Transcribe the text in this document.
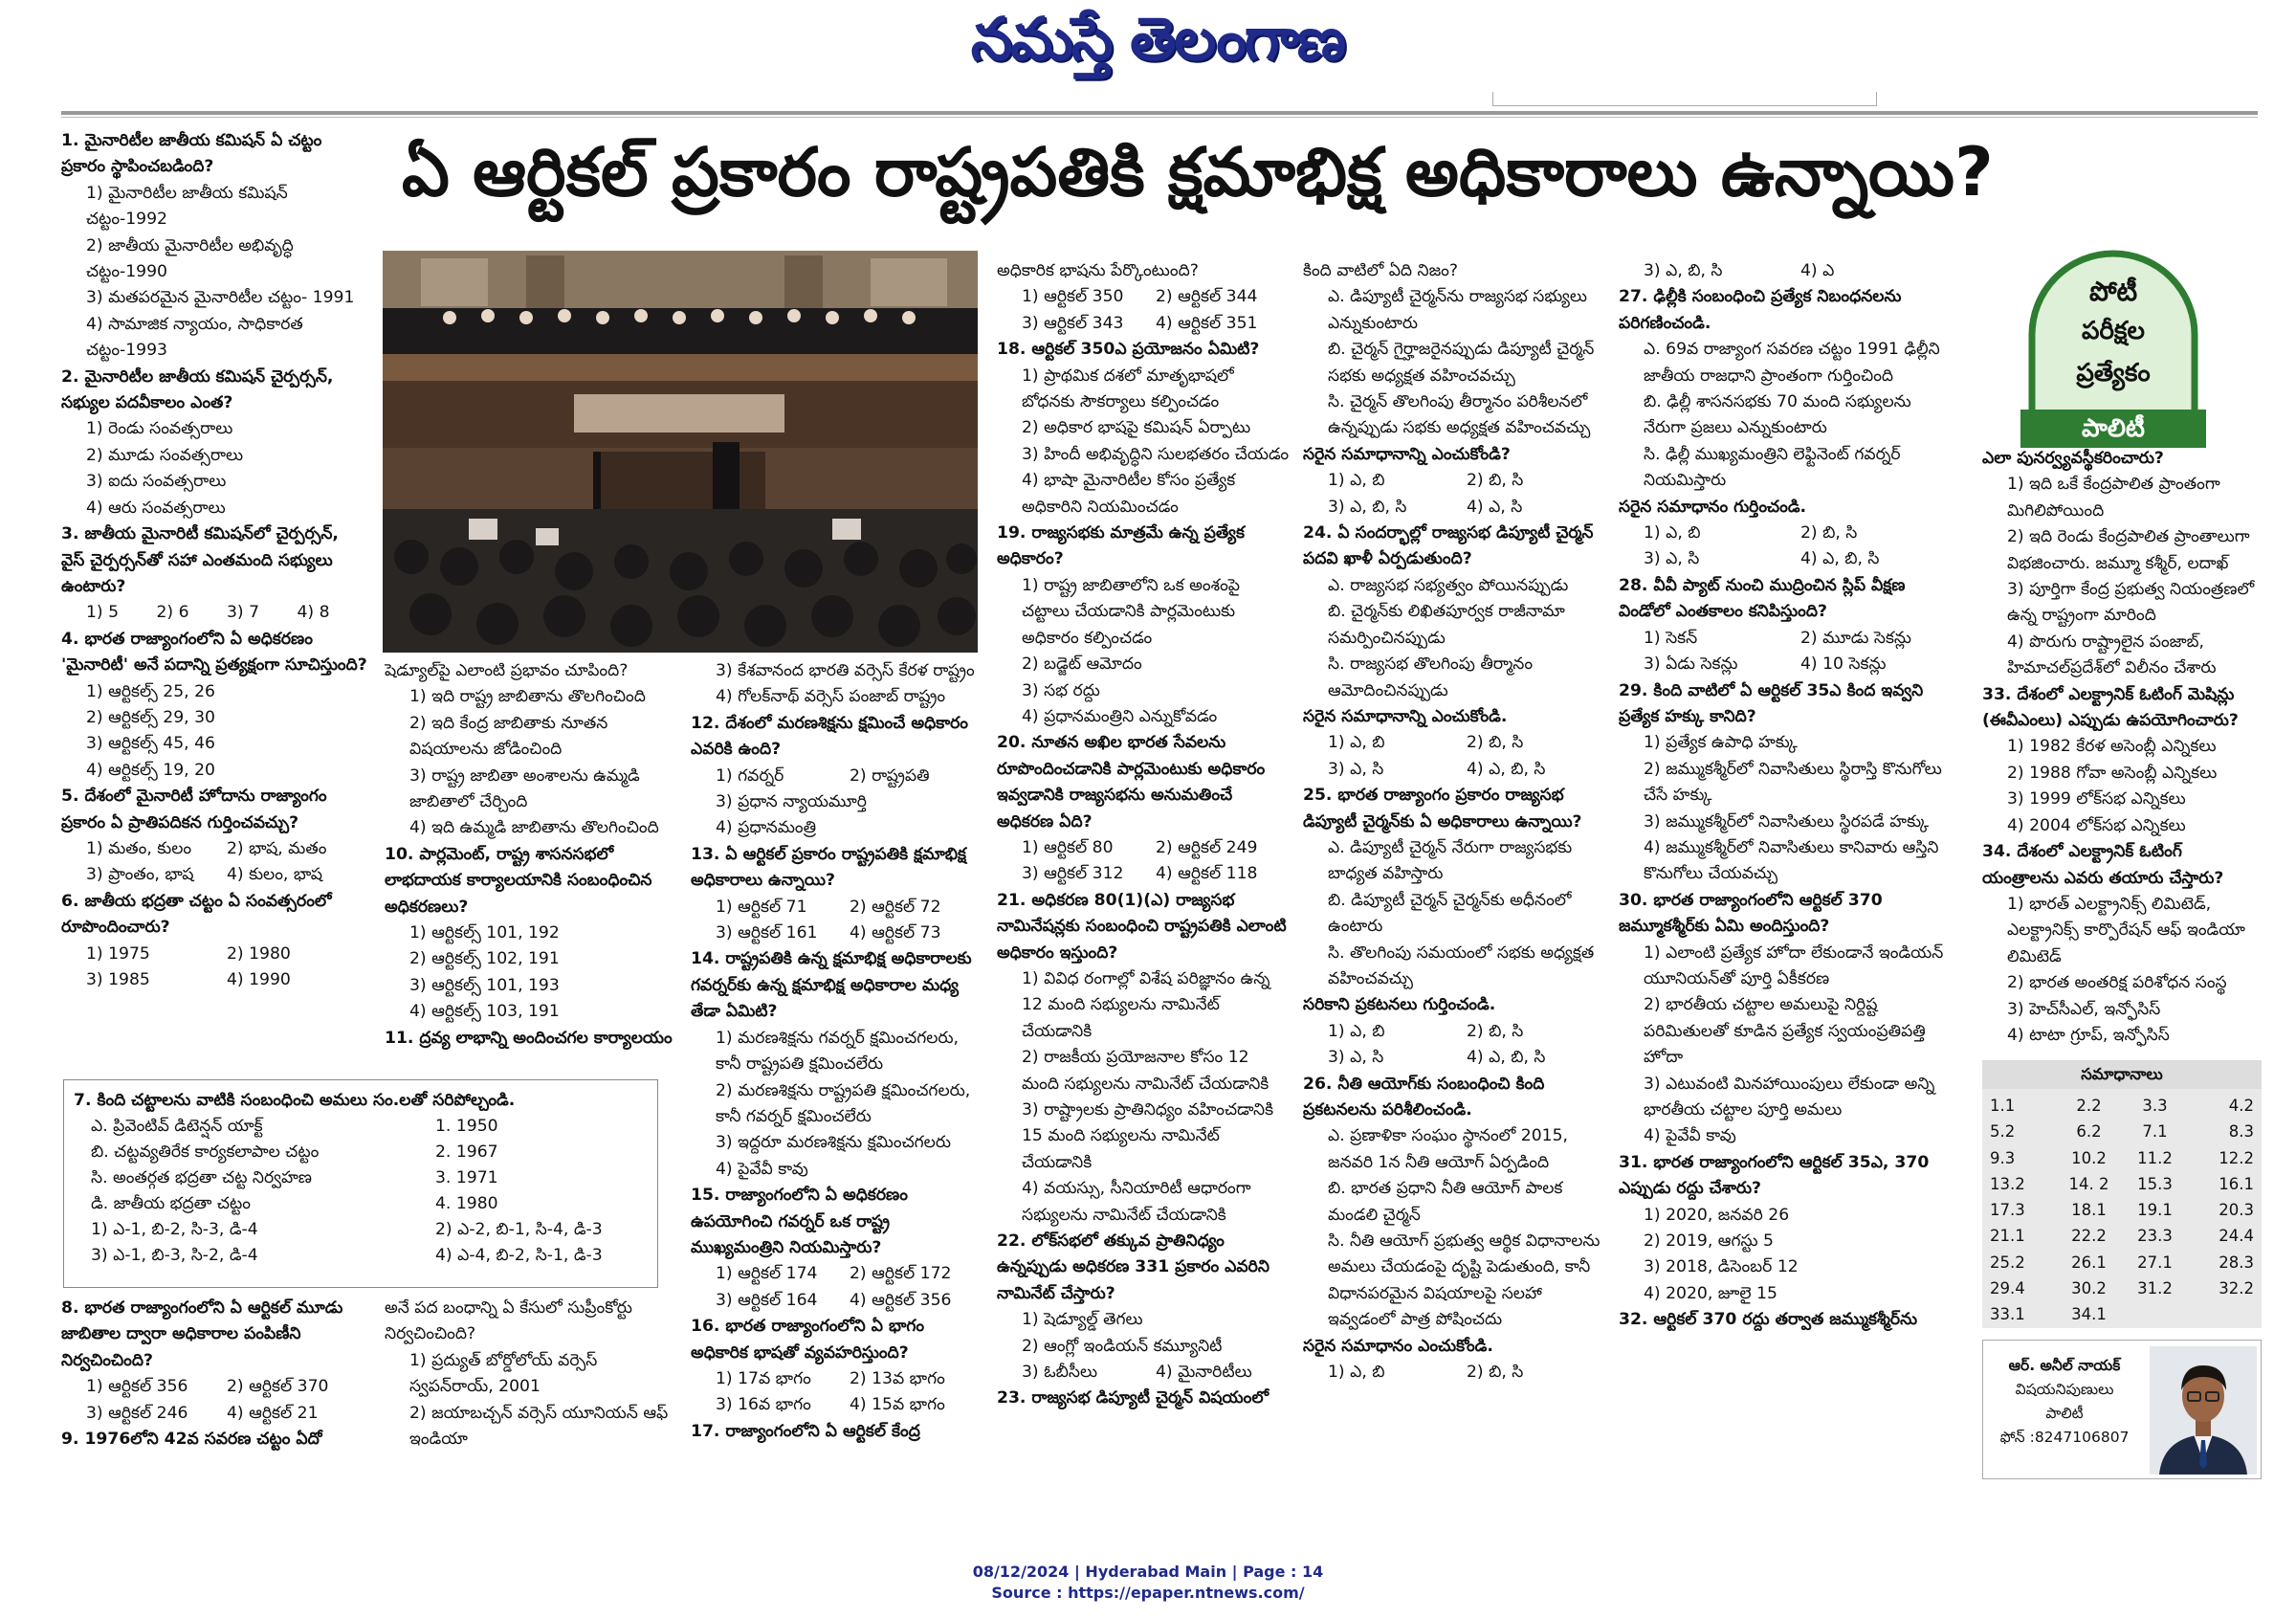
నమస్తే తెలంగాణ
ఏ ఆర్టికల్ ప్రకారం రాష్ట్రపతికి క్షమాభిక్ష అధికారాలు ఉన్నాయి?

1. మైనారిటీల జాతీయ కమిషన్ ఏ చట్టం ప్రకారం స్థాపించబడింది?

1) మైనారిటీల జాతీయ కమిషన్ చట్టం-1992

2) జాతీయ మైనారిటీల అభివృద్ధి చట్టం-1990

3) మతపరమైన మైనారిటీల చట్టం- 1991

4) సామాజిక న్యాయం, సాధికారత చట్టం-1993

2. మైనారిటీల జాతీయ కమిషన్ చైర్పర్సన్, సభ్యుల పదవీకాలం ఎంత?

1) రెండు సంవత్సరాలు

2) మూడు సంవత్సరాలు

3) ఐదు సంవత్సరాలు

4) ఆరు సంవత్సరాలు

3. జాతీయ మైనారిటీ కమిషన్‌లో చైర్పర్సన్, వైస్ చైర్పర్సన్‌తో సహా ఎంతమంది సభ్యులు ఉంటారు?

1) 5	2) 6	3) 7	4) 8

4. భారత రాజ్యాంగంలోని ఏ అధికరణం 'మైనారిటీ' అనే పదాన్ని ప్రత్యక్షంగా సూచిస్తుంది?

1) ఆర్టికల్స్ 25, 26

2) ఆర్టికల్స్ 29, 30

3) ఆర్టికల్స్ 45, 46

4) ఆర్టికల్స్ 19, 20

5. దేశంలో మైనారిటీ హోదాను రాజ్యాంగం ప్రకారం ఏ ప్రాతిపదికన గుర్తించవచ్చు?

1) మతం, కులం	2) భాష, మతం
3) ప్రాంతం, భాష	4) కులం, భాష

6. జాతీయ భద్రతా చట్టం ఏ సంవత్సరంలో రూపొందించారు?

1) 1975	2) 1980
3) 1985	4) 1990

షెడ్యూల్‌పై ఎలాంటి ప్రభావం చూపింది?

1) ఇది రాష్ట్ర జాబితాను తొలగించింది

2) ఇది కేంద్ర జాబితాకు నూతన విషయాలను జోడించింది

3) రాష్ట్ర జాబితా అంశాలను ఉమ్మడి జాబితాలో చేర్చింది

4) ఇది ఉమ్మడి జాబితాను తొలగించింది

10. పార్లమెంట్, రాష్ట్ర శాసనసభలో లాభదాయక కార్యాలయానికి సంబంధించిన అధికరణలు?

1) ఆర్టికల్స్ 101, 192

2) ఆర్టికల్స్ 102, 191

3) ఆర్టికల్స్ 101, 193

4) ఆర్టికల్స్ 103, 191

11. ద్రవ్య లాభాన్ని అందించగల కార్యాలయం

3) కేశవానంద భారతి వర్సెస్ కేరళ రాష్ట్రం

4) గోలక్‌నాథ్ వర్సెస్ పంజాబ్ రాష్ట్రం

12. దేశంలో మరణశిక్షను క్షమించే అధికారం ఎవరికి ఉంది?

1) గవర్నర్	2) రాష్ట్రపతి

3) ప్రధాన న్యాయమూర్తి

4) ప్రధానమంత్రి

13. ఏ ఆర్టికల్ ప్రకారం రాష్ట్రపతికి క్షమాభిక్ష అధికారాలు ఉన్నాయి?

1) ఆర్టికల్ 71	2) ఆర్టికల్ 72
3) ఆర్టికల్ 161	4) ఆర్టికల్ 73

14. రాష్ట్రపతికి ఉన్న క్షమాభిక్ష అధికారాలకు గవర్నర్‌కు ఉన్న క్షమాభిక్ష అధికారాల మధ్య తేడా ఏమిటి?

1) మరణశిక్షను గవర్నర్ క్షమించగలరు, కానీ రాష్ట్రపతి క్షమించలేరు

2) మరణశిక్షను రాష్ట్రపతి క్షమించగలరు, కానీ గవర్నర్ క్షమించలేరు

3) ఇద్దరూ మరణశిక్షను క్షమించగలరు

4) పైవేవీ కావు

15. రాజ్యాంగంలోని ఏ అధికరణం ఉపయోగించి గవర్నర్ ఒక రాష్ట్ర ముఖ్యమంత్రిని నియమిస్తారు?

1) ఆర్టికల్ 174	2) ఆర్టికల్ 172
3) ఆర్టికల్ 164	4) ఆర్టికల్ 356

16. భారత రాజ్యాంగంలోని ఏ భాగం అధికారిక భాషతో వ్యవహరిస్తుంది?

1) 17వ భాగం	2) 13వ భాగం
3) 16వ భాగం	4) 15వ భాగం

17. రాజ్యాంగంలోని ఏ ఆర్టికల్ కేంద్ర

7. కింది చట్టాలను వాటికి సంబంధించి అమలు సం.లతో సరిపోల్చండి.
ఎ. ప్రివెంటివ్ డిటెన్షన్ యాక్ట్	1. 1950
బి. చట్టవ్యతిరేక కార్యకలాపాల చట్టం	2. 1967
సి. అంతర్గత భద్రతా చట్ట నిర్వహణ	3. 1971
డి. జాతీయ భద్రతా చట్టం	4. 1980
1) ఎ-1, బి-2, సి-3, డి-4	2) ఎ-2, బి-1, సి-4, డి-3
3) ఎ-1, బి-3, సి-2, డి-4	4) ఎ-4, బి-2, సి-1, డి-3

8. భారత రాజ్యాంగంలోని ఏ ఆర్టికల్ మూడు జాబితాల ద్వారా అధికారాల పంపిణీని నిర్వచించింది?

1) ఆర్టికల్ 356	2) ఆర్టికల్ 370
3) ఆర్టికల్ 246	4) ఆర్టికల్ 21

9. 1976లోని 42వ సవరణ చట్టం ఏదో

అనే పద బంధాన్ని ఏ కేసులో సుప్రీంకోర్టు నిర్వచించింది?

1) ప్రద్యుత్ బోర్డోలోయ్ వర్సెస్ స్వపన్‌రాయ్, 2001

2) జయాబచ్చన్ వర్సెస్ యూనియన్ ఆఫ్ ఇండియా

అధికారిక భాషను పేర్కొంటుంది?

1) ఆర్టికల్ 350	2) ఆర్టికల్ 344
3) ఆర్టికల్ 343	4) ఆర్టికల్ 351

18. ఆర్టికల్ 350ఎ ప్రయోజనం ఏమిటి?

1) ప్రాథమిక దశలో మాతృభాషలో బోధనకు సౌకర్యాలు కల్పించడం

2) అధికార భాషపై కమిషన్ ఏర్పాటు

3) హిందీ అభివృద్ధిని సులభతరం చేయడం

4) భాషా మైనారిటీల కోసం ప్రత్యేక అధికారిని నియమించడం

19. రాజ్యసభకు మాత్రమే ఉన్న ప్రత్యేక అధికారం?

1) రాష్ట్ర జాబితాలోని ఒక అంశంపై చట్టాలు చేయడానికి పార్లమెంటుకు అధికారం కల్పించడం

2) బడ్జెట్ ఆమోదం

3) సభ రద్దు

4) ప్రధానమంత్రిని ఎన్నుకోవడం

20. నూతన అఖిల భారత సేవలను రూపొందించడానికి పార్లమెంటుకు అధికారం ఇవ్వడానికి రాజ్యసభను అనుమతించే అధికరణ ఏది?

1) ఆర్టికల్ 80	2) ఆర్టికల్ 249
3) ఆర్టికల్ 312	4) ఆర్టికల్ 118

21. అధికరణ 80(1)(ఎ) రాజ్యసభ నామినేషన్లకు సంబంధించి రాష్ట్రపతికి ఎలాంటి అధికారం ఇస్తుంది?

1) వివిధ రంగాల్లో విశేష పరిజ్ఞానం ఉన్న 12 మంది సభ్యులను నామినేట్ చేయడానికి

2) రాజకీయ ప్రయోజనాల కోసం 12 మంది సభ్యులను నామినేట్ చేయడానికి

3) రాష్ట్రాలకు ప్రాతినిధ్యం వహించడానికి 15 మంది సభ్యులను నామినేట్ చేయడానికి

4) వయస్సు, సీనియారిటీ ఆధారంగా సభ్యులను నామినేట్ చేయడానికి

22. లోక్‌సభలో తక్కువ ప్రాతినిధ్యం ఉన్నప్పుడు అధికరణ 331 ప్రకారం ఎవరిని నామినేట్ చేస్తారు?

1) షెడ్యూల్డ్ తెగలు

2) ఆంగ్లో ఇండియన్ కమ్యూనిటీ

3) ఓబీసీలు	4) మైనారిటీలు

23. రాజ్యసభ డిప్యూటీ చైర్మన్ విషయంలో

కింది వాటిలో ఏది నిజం?

ఎ. డిప్యూటీ చైర్మన్‌ను రాజ్యసభ సభ్యులు ఎన్నుకుంటారు

బి. చైర్మన్ గైర్హాజరైనప్పుడు డిప్యూటీ చైర్మన్ సభకు అధ్యక్షత వహించవచ్చు

సి. చైర్మన్ తొలగింపు తీర్మానం పరిశీలనలో ఉన్నప్పుడు సభకు అధ్యక్షత వహించవచ్చు

సరైన సమాధానాన్ని ఎంచుకోండి?

1) ఎ, బి	2) బి, సి
3) ఎ, బి, సి	4) ఎ, సి

24. ఏ సందర్భాల్లో రాజ్యసభ డిప్యూటీ చైర్మన్ పదవి ఖాళీ ఏర్పడుతుంది?

ఎ. రాజ్యసభ సభ్యత్వం పోయినప్పుడు

బి. చైర్మన్‌కు లిఖితపూర్వక రాజీనామా సమర్పించినప్పుడు

సి. రాజ్యసభ తొలగింపు తీర్మానం ఆమోదించినప్పుడు

సరైన సమాధానాన్ని ఎంచుకోండి.

1) ఎ, బి	2) బి, సి
3) ఎ, సి	4) ఎ, బి, సి

25. భారత రాజ్యాంగం ప్రకారం రాజ్యసభ డిప్యూటీ చైర్మన్‌కు ఏ అధికారాలు ఉన్నాయి?

ఎ. డిప్యూటీ చైర్మన్ నేరుగా రాజ్యసభకు బాధ్యత వహిస్తారు

బి. డిప్యూటీ చైర్మన్ చైర్మన్‌కు అధీనంలో ఉంటారు

సి. తొలగింపు సమయంలో సభకు అధ్యక్షత వహించవచ్చు

సరికాని ప్రకటనలు గుర్తించండి.

1) ఎ, బి	2) బి, సి
3) ఎ, సి	4) ఎ, బి, సి

26. నీతి ఆయోగ్‌కు సంబంధించి కింది ప్రకటనలను పరిశీలించండి.

ఎ. ప్రణాళికా సంఘం స్థానంలో 2015, జనవరి 1న నీతి ఆయోగ్ ఏర్పడింది

బి. భారత ప్రధాని నీతి ఆయోగ్ పాలక మండలి చైర్మన్

సి. నీతి ఆయోగ్ ప్రభుత్వ ఆర్థిక విధానాలను అమలు చేయడంపై దృష్టి పెడుతుంది, కానీ విధానపరమైన విషయాలపై సలహా ఇవ్వడంలో పాత్ర పోషించదు

సరైన సమాధానం ఎంచుకోండి.

1) ఎ, బి	2) బి, సి
3) ఎ, బి, సి	4) ఎ

27. ఢిల్లీకి సంబంధించి ప్రత్యేక నిబంధనలను పరిగణించండి.

ఎ. 69వ రాజ్యాంగ సవరణ చట్టం 1991 ఢిల్లీని జాతీయ రాజధాని ప్రాంతంగా గుర్తించింది

బి. ఢిల్లీ శాసనసభకు 70 మంది సభ్యులను నేరుగా ప్రజలు ఎన్నుకుంటారు

సి. ఢిల్లీ ముఖ్యమంత్రిని లెఫ్టినెంట్ గవర్నర్ నియమిస్తారు

సరైన సమాధానం గుర్తించండి.

1) ఎ, బి	2) బి, సి
3) ఎ, సి	4) ఎ, బి, సి

28. వీవీ ప్యాట్ నుంచి ముద్రించిన స్లిప్ వీక్షణ విండోలో ఎంతకాలం కనిపిస్తుంది?

1) సెకన్	2) మూడు సెకన్లు
3) ఏడు సెకన్లు	4) 10 సెకన్లు

29. కింది వాటిలో ఏ ఆర్టికల్ 35ఎ కింద ఇవ్వని ప్రత్యేక హక్కు కానిది?

1) ప్రత్యేక ఉపాధి హక్కు

2) జమ్ముకశ్మీర్‌లో నివాసితులు స్థిరాస్తి కొనుగోలు చేసే హక్కు

3) జమ్ముకశ్మీర్‌లో నివాసితులు స్థిరపడే హక్కు

4) జమ్ముకశ్మీర్‌లో నివాసితులు కానివారు ఆస్తిని కొనుగోలు చేయవచ్చు

30. భారత రాజ్యాంగంలోని ఆర్టికల్ 370 జమ్మూకశ్మీర్‌కు ఏమి అందిస్తుంది?

1) ఎలాంటి ప్రత్యేక హోదా లేకుండానే ఇండియన్ యూనియన్‌తో పూర్తి ఏకీకరణ

2) భారతీయ చట్టాల అమలుపై నిర్దిష్ట పరిమితులతో కూడిన ప్రత్యేక స్వయంప్రతిపత్తి హోదా

3) ఎటువంటి మినహాయింపులు లేకుండా అన్ని భారతీయ చట్టాల పూర్తి అమలు

4) పైవేవీ కావు

31. భారత రాజ్యాంగంలోని ఆర్టికల్ 35ఎ, 370 ఎప్పుడు రద్దు చేశారు?

1) 2020, జనవరి 26

2) 2019, ఆగస్టు 5

3) 2018, డిసెంబర్ 12

4) 2020, జూలై 15

32. ఆర్టికల్ 370 రద్దు తర్వాత జమ్ముకశ్మీర్‌ను

పోటీ
పరీక్షల
ప్రత్యేకం
పాలిటీ

ఎలా పునర్వ్యవస్థీకరించారు?

1) ఇది ఒకే కేంద్రపాలిత ప్రాంతంగా మిగిలిపోయింది

2) ఇది రెండు కేంద్రపాలిత ప్రాంతాలుగా విభజించారు. జమ్మూ కశ్మీర్, లదాఖ్

3) పూర్తిగా కేంద్ర ప్రభుత్వ నియంత్రణలో ఉన్న రాష్ట్రంగా మారింది

4) పొరుగు రాష్ట్రాలైన పంజాబ్, హిమాచల్‌ప్రదేశ్‌లో విలీనం చేశారు

33. దేశంలో ఎలక్ట్రానిక్ ఓటింగ్ మెషిన్లు (ఈవీఎంలు) ఎప్పుడు ఉపయోగించారు?

1) 1982 కేరళ అసెంబ్లీ ఎన్నికలు

2) 1988 గోవా అసెంబ్లీ ఎన్నికలు

3) 1999 లోక్‌సభ ఎన్నికలు

4) 2004 లోక్‌సభ ఎన్నికలు

34. దేశంలో ఎలక్ట్రానిక్ ఓటింగ్ యంత్రాలను ఎవరు తయారు చేస్తారు?

1) భారత్ ఎలక్ట్రానిక్స్ లిమిటెడ్, ఎలక్ట్రానిక్స్ కార్పొరేషన్ ఆఫ్ ఇండియా లిమిటెడ్

2) భారత అంతరిక్ష పరిశోధన సంస్థ

3) హెచ్‌సీఎల్, ఇన్ఫోసిస్

4) టాటా గ్రూప్, ఇన్ఫోసిస్

సమాధానాలు
1.1	2.2	3.3	4.2
5.2	6.2	7.1	8.3
9.3	10.2	11.2	12.2
13.2	14. 2	15.3	16.1
17.3	18.1	19.1	20.3
21.1	22.2	23.3	24.4
25.2	26.1	27.1	28.3
29.4	30.2	31.2	32.2
33.1	34.1
ఆర్. అనీల్ నాయక్
విషయనిపుణులు
పాలిటీ
ఫోన్ :8247106807
08/12/2024 | Hyderabad Main | Page : 14
Source : https://epaper.ntnews.com/
